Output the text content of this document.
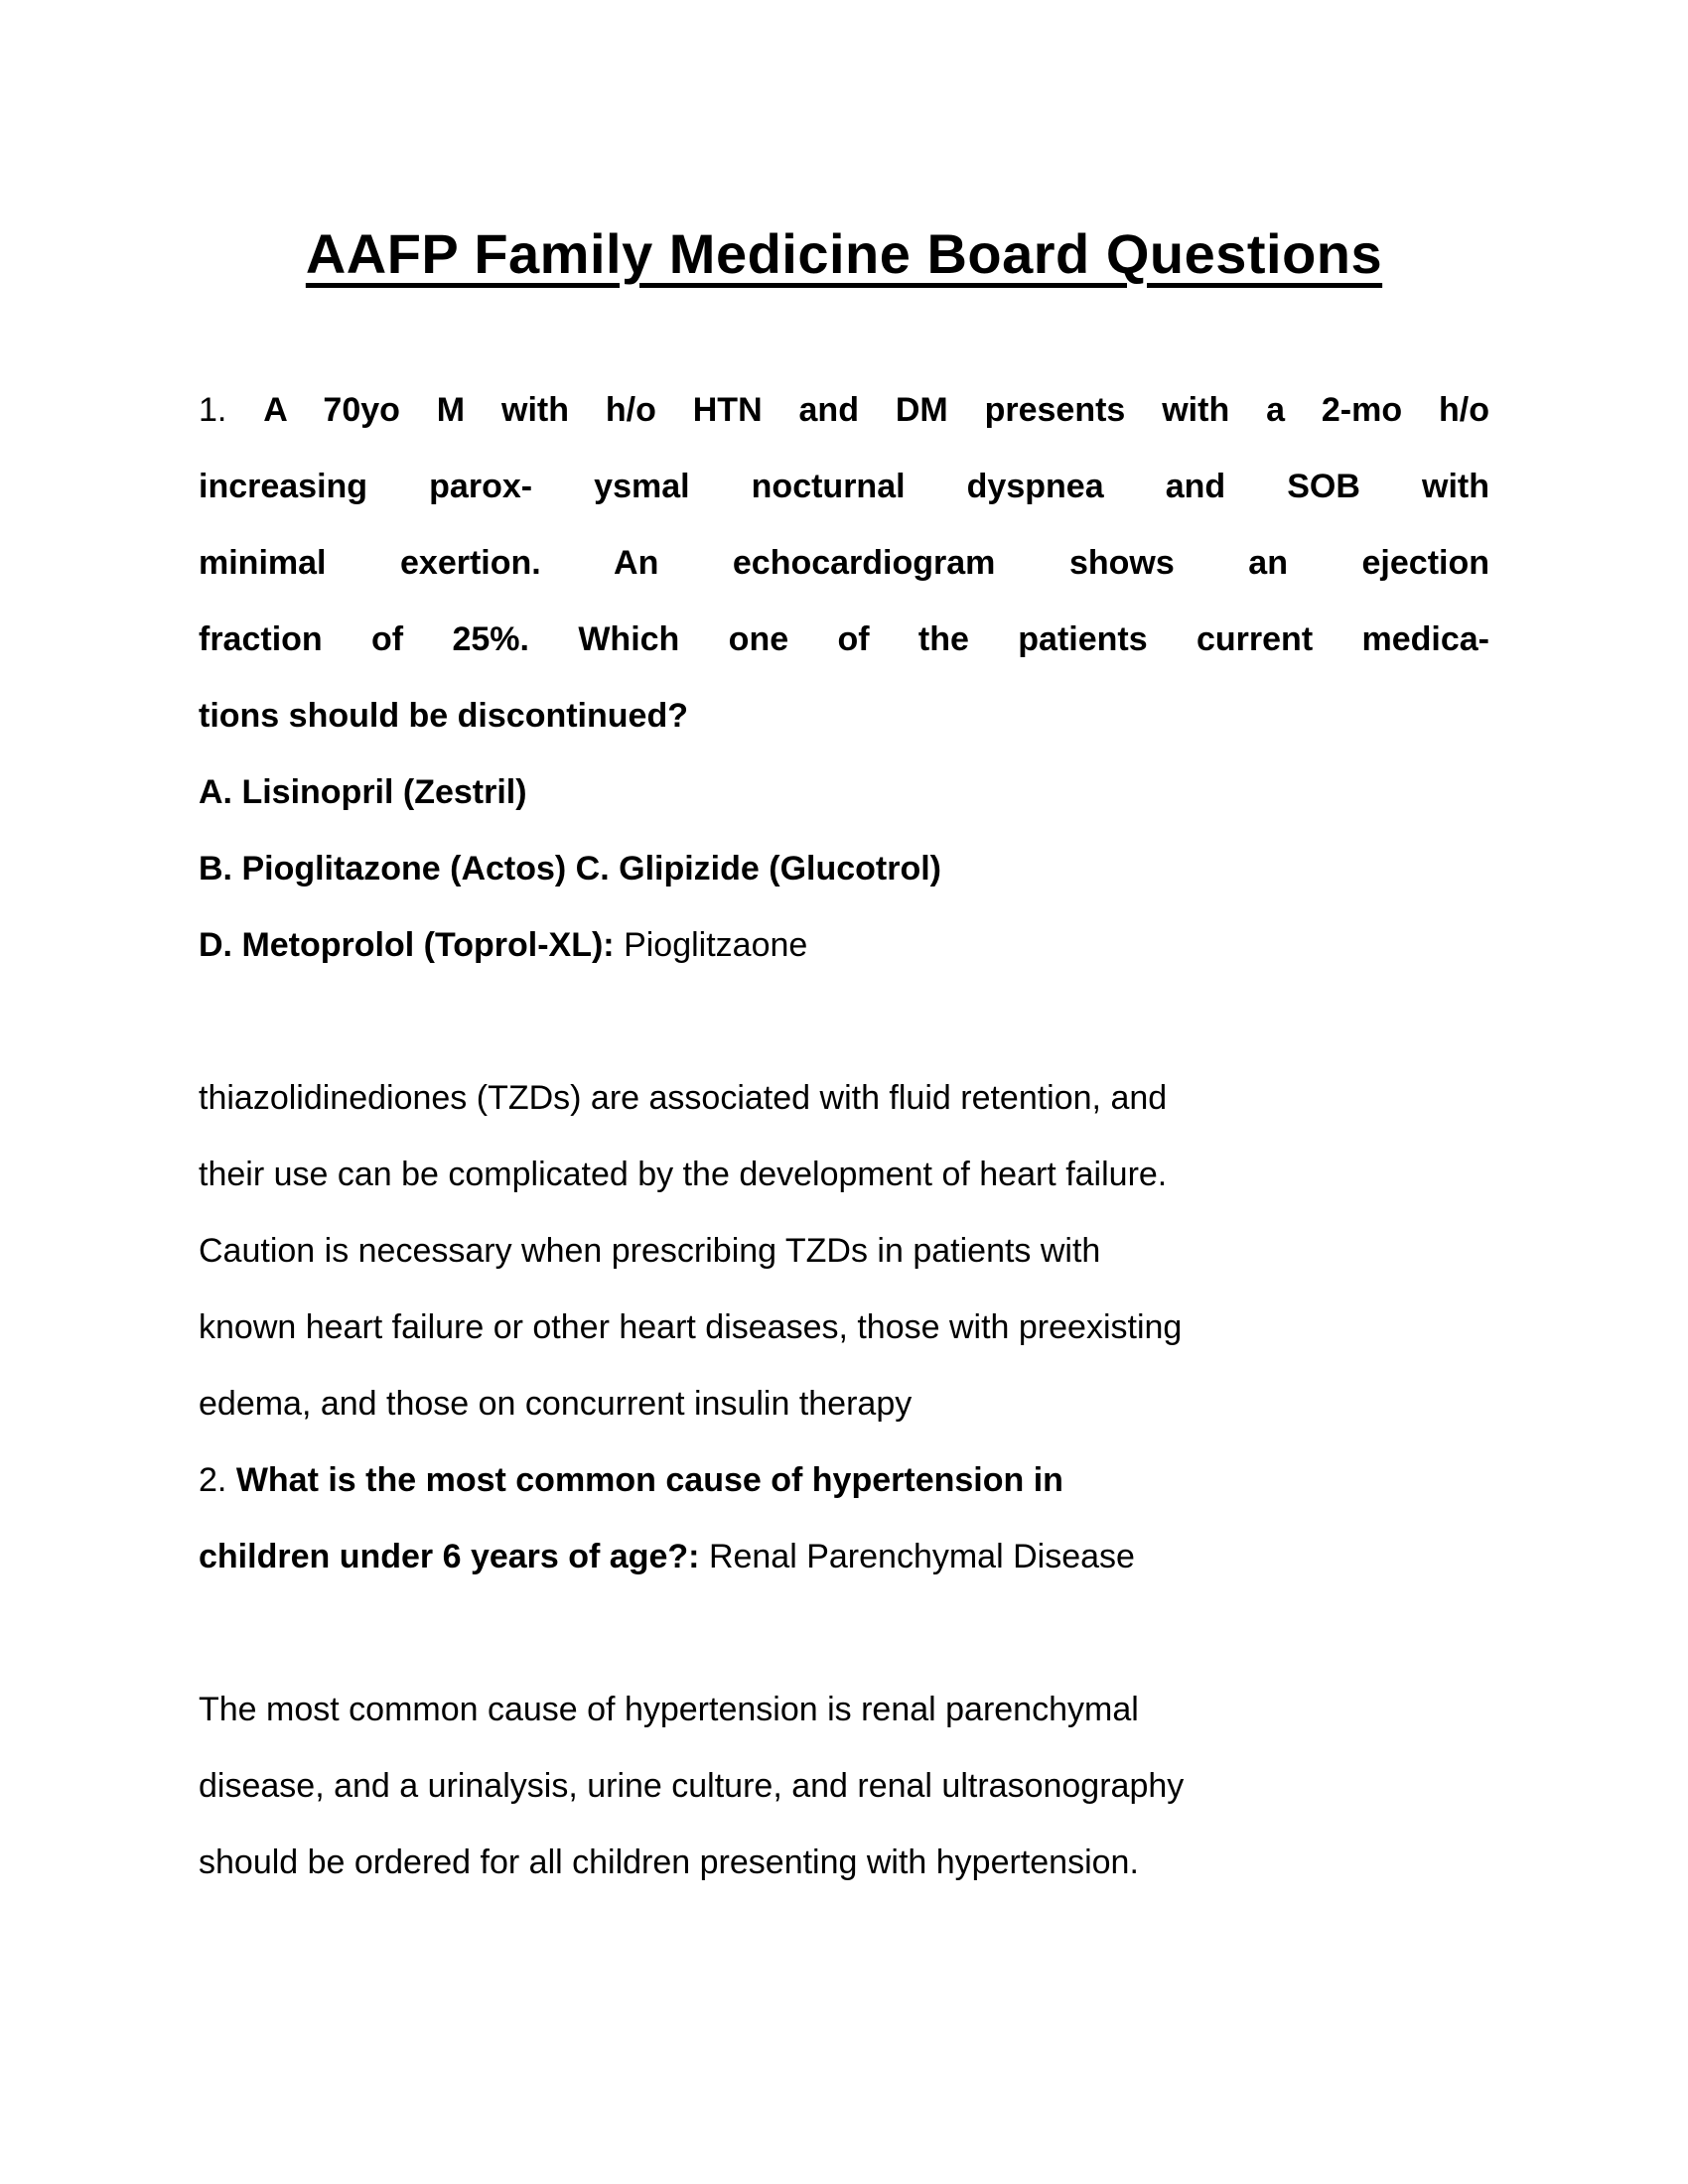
AAFP Family Medicine Board Questions
1. A 70yo M with h/o HTN and DM presents with a 2-mo h/o
increasing parox- ysmal nocturnal dyspnea and SOB with
minimal exertion. An echocardiogram shows an ejection
fraction of 25%. Which one of the patients current medica-
tions should be discontinued?
A. Lisinopril (Zestril)
B. Pioglitazone (Actos) C. Glipizide (Glucotrol)
D. Metoprolol (Toprol-XL): Pioglitzaone
thiazolidinediones (TZDs) are associated with fluid retention, and
their use can be complicated by the development of heart failure.
Caution is necessary when prescribing TZDs in patients with
known heart failure or other heart diseases, those with preexisting
edema, and those on concurrent insulin therapy
2. What is the most common cause of hypertension in
children under 6 years of age?: Renal Parenchymal Disease
The most common cause of hypertension is renal parenchymal
disease, and a urinalysis, urine culture, and renal ultrasonography
should be ordered for all children presenting with hypertension.
